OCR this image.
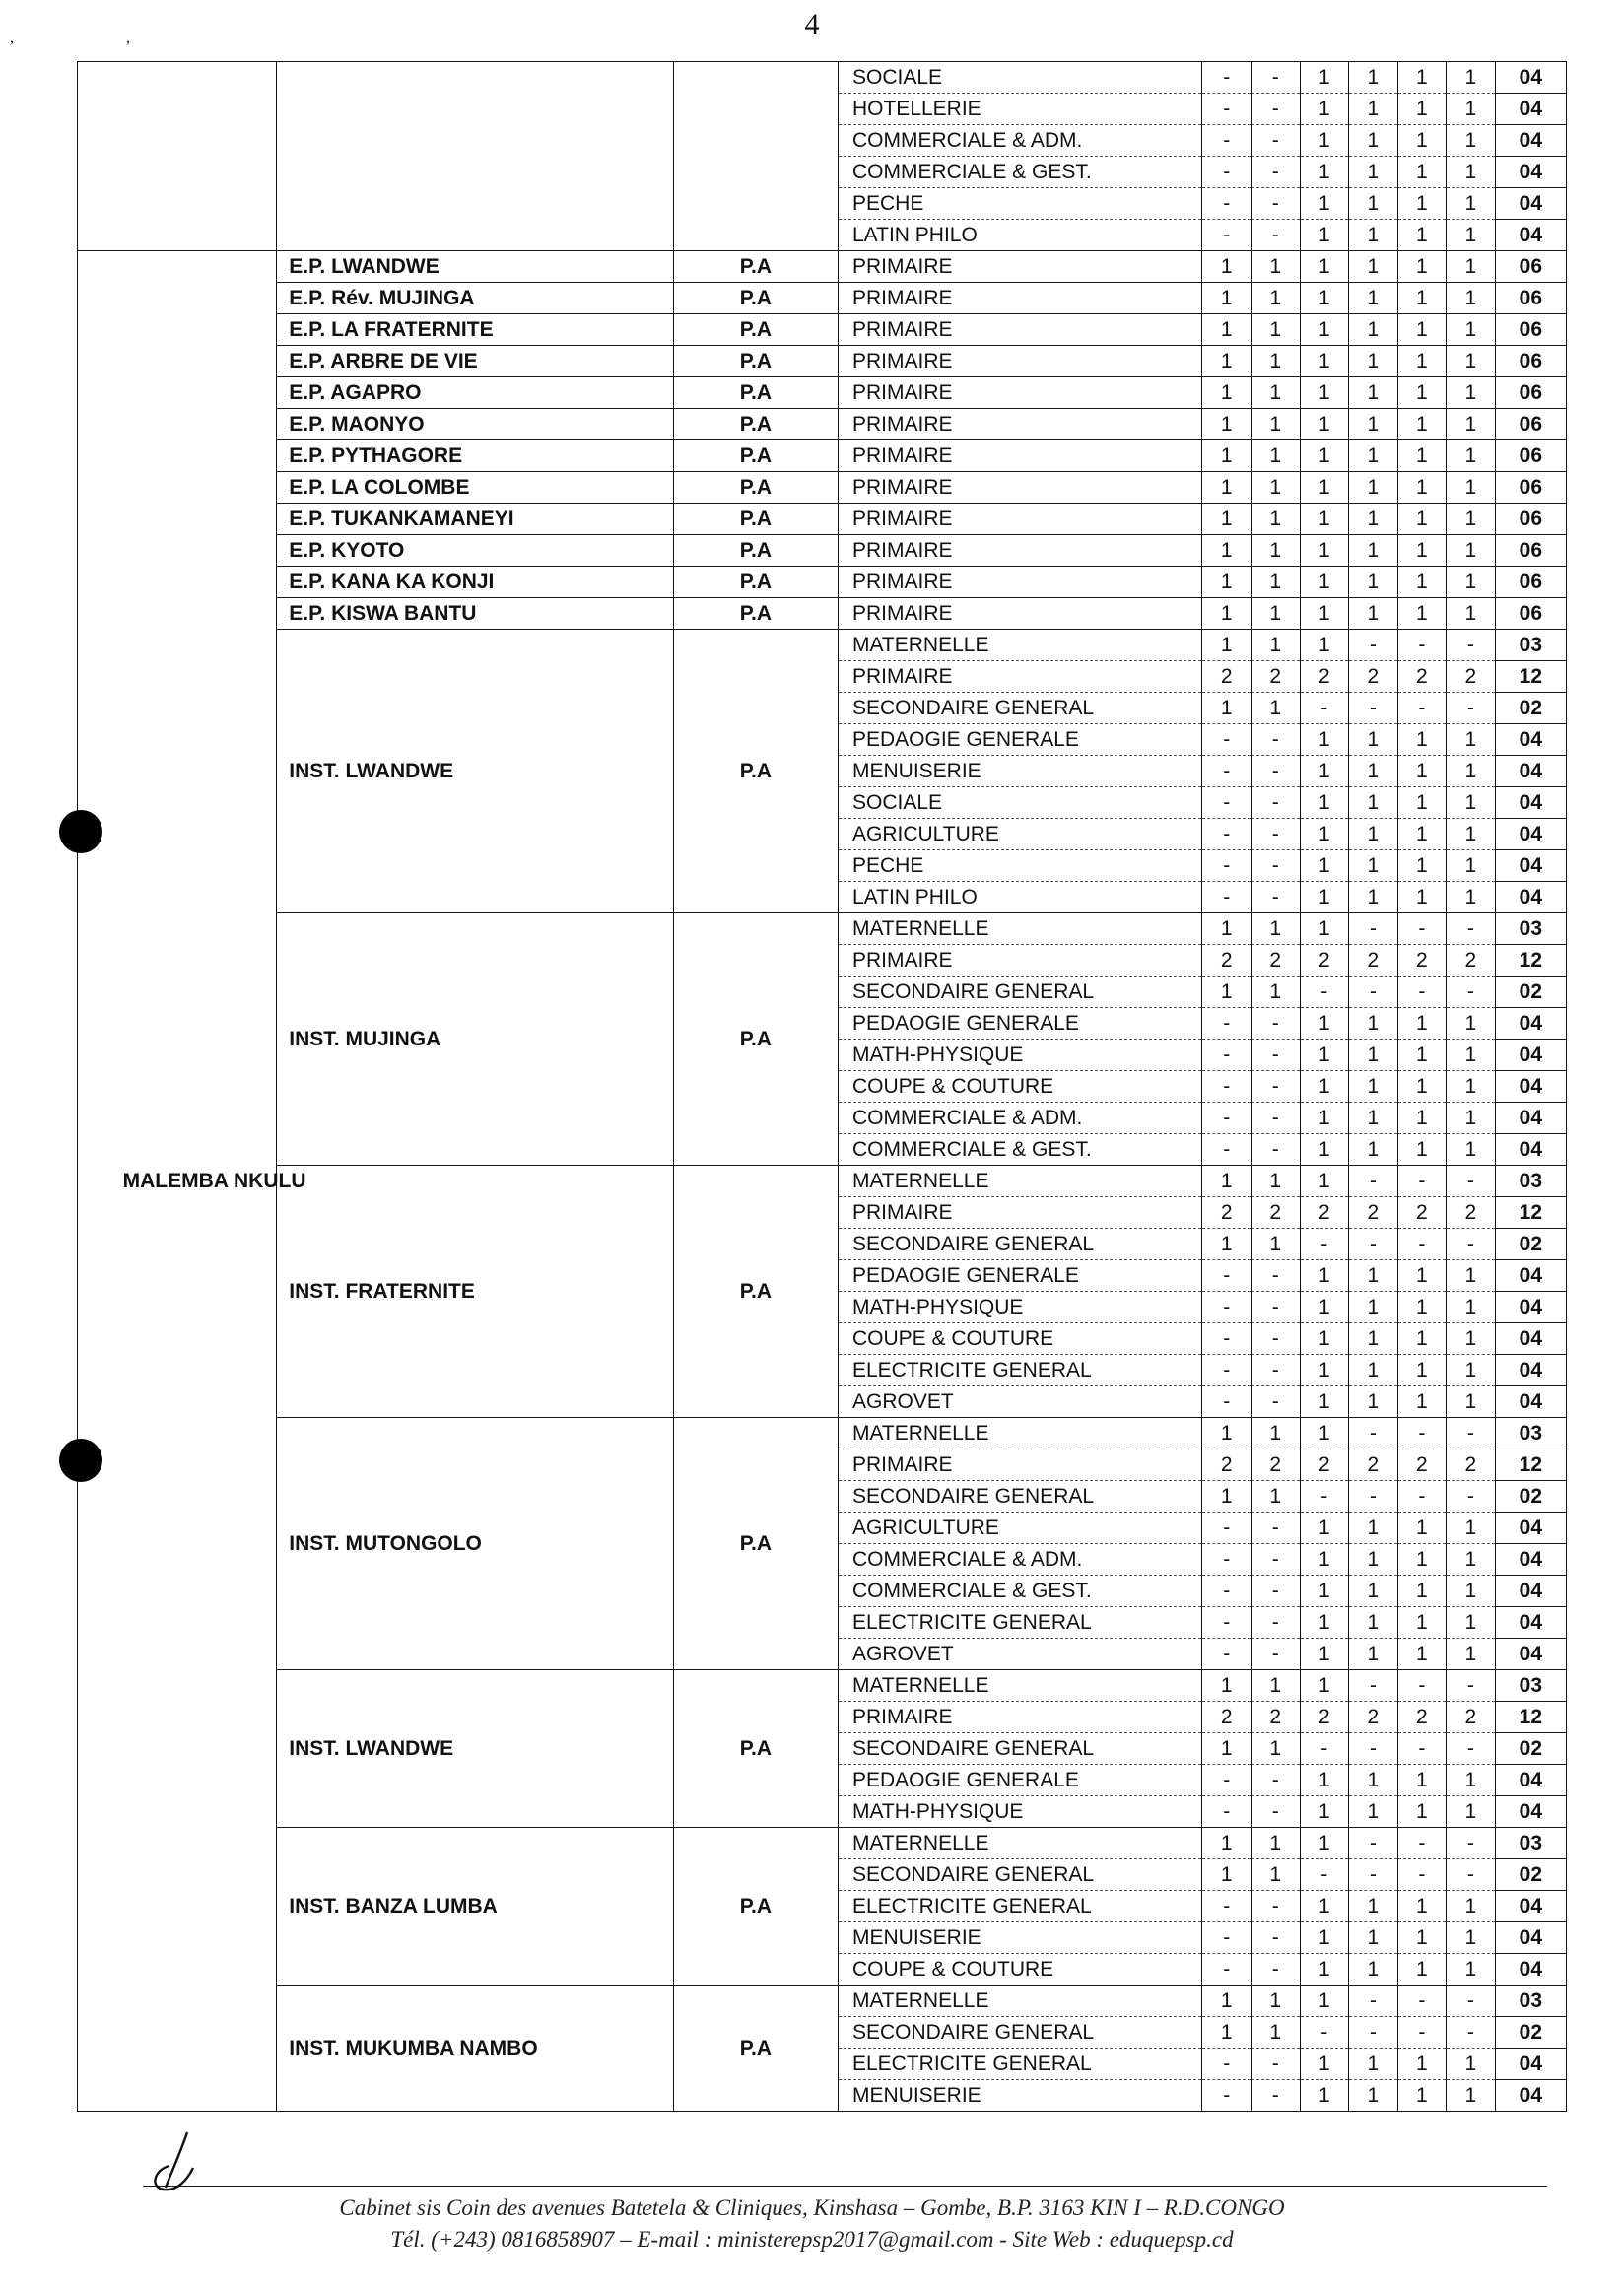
4
,	,
			SOCIALE	-	-	1	1	1	1	04
			HOTELLERIE	-	-	1	1	1	1	04
			COMMERCIALE & ADM.	-	-	1	1	1	1	04
			COMMERCIALE & GEST.	-	-	1	1	1	1	04
			PECHE	-	-	1	1	1	1	04
			LATIN PHILO	-	-	1	1	1	1	04
MALEMBA NKULU	E.P. LWANDWE	P.A	PRIMAIRE	1	1	1	1	1	1	06
	E.P. Rév. MUJINGA	P.A	PRIMAIRE	1	1	1	1	1	1	06
	E.P. LA FRATERNITE	P.A	PRIMAIRE	1	1	1	1	1	1	06
	E.P. ARBRE DE VIE	P.A	PRIMAIRE	1	1	1	1	1	1	06
	E.P. AGAPRO	P.A	PRIMAIRE	1	1	1	1	1	1	06
	E.P. MAONYO	P.A	PRIMAIRE	1	1	1	1	1	1	06
	E.P. PYTHAGORE	P.A	PRIMAIRE	1	1	1	1	1	1	06
	E.P. LA COLOMBE	P.A	PRIMAIRE	1	1	1	1	1	1	06
	E.P. TUKANKAMANEYI	P.A	PRIMAIRE	1	1	1	1	1	1	06
	E.P. KYOTO	P.A	PRIMAIRE	1	1	1	1	1	1	06
	E.P. KANA KA KONJI	P.A	PRIMAIRE	1	1	1	1	1	1	06
	E.P. KISWA BANTU	P.A	PRIMAIRE	1	1	1	1	1	1	06
	INST. LWANDWE	P.A	MATERNELLE	1	1	1	-	-	-	03
			PRIMAIRE	2	2	2	2	2	2	12
			SECONDAIRE GENERAL	1	1	-	-	-	-	02
			PEDAOGIE GENERALE	-	-	1	1	1	1	04
			MENUISERIE	-	-	1	1	1	1	04
			SOCIALE	-	-	1	1	1	1	04
			AGRICULTURE	-	-	1	1	1	1	04
			PECHE	-	-	1	1	1	1	04
			LATIN PHILO	-	-	1	1	1	1	04
	INST. MUJINGA	P.A	MATERNELLE	1	1	1	-	-	-	03
			PRIMAIRE	2	2	2	2	2	2	12
			SECONDAIRE GENERAL	1	1	-	-	-	-	02
			PEDAOGIE GENERALE	-	-	1	1	1	1	04
			MATH-PHYSIQUE	-	-	1	1	1	1	04
			COUPE & COUTURE	-	-	1	1	1	1	04
			COMMERCIALE & ADM.	-	-	1	1	1	1	04
			COMMERCIALE & GEST.	-	-	1	1	1	1	04
	INST. FRATERNITE	P.A	MATERNELLE	1	1	1	-	-	-	03
			PRIMAIRE	2	2	2	2	2	2	12
			SECONDAIRE GENERAL	1	1	-	-	-	-	02
			PEDAOGIE GENERALE	-	-	1	1	1	1	04
			MATH-PHYSIQUE	-	-	1	1	1	1	04
			COUPE & COUTURE	-	-	1	1	1	1	04
			ELECTRICITE GENERAL	-	-	1	1	1	1	04
			AGROVET	-	-	1	1	1	1	04
	INST. MUTONGOLO	P.A	MATERNELLE	1	1	1	-	-	-	03
			PRIMAIRE	2	2	2	2	2	2	12
			SECONDAIRE GENERAL	1	1	-	-	-	-	02
			AGRICULTURE	-	-	1	1	1	1	04
			COMMERCIALE & ADM.	-	-	1	1	1	1	04
			COMMERCIALE & GEST.	-	-	1	1	1	1	04
			ELECTRICITE GENERAL	-	-	1	1	1	1	04
			AGROVET	-	-	1	1	1	1	04
	INST. LWANDWE	P.A	MATERNELLE	1	1	1	-	-	-	03
			PRIMAIRE	2	2	2	2	2	2	12
			SECONDAIRE GENERAL	1	1	-	-	-	-	02
			PEDAOGIE GENERALE	-	-	1	1	1	1	04
			MATH-PHYSIQUE	-	-	1	1	1	1	04
	INST. BANZA LUMBA	P.A	MATERNELLE	1	1	1	-	-	-	03
			SECONDAIRE GENERAL	1	1	-	-	-	-	02
			ELECTRICITE GENERAL	-	-	1	1	1	1	04
			MENUISERIE	-	-	1	1	1	1	04
			COUPE & COUTURE	-	-	1	1	1	1	04
	INST. MUKUMBA NAMBO	P.A	MATERNELLE	1	1	1	-	-	-	03
			SECONDAIRE GENERAL	1	1	-	-	-	-	02
			ELECTRICITE GENERAL	-	-	1	1	1	1	04
			MENUISERIE	-	-	1	1	1	1	04
Cabinet sis Coin des avenues Batetela & Cliniques, Kinshasa – Gombe, B.P. 3163 KIN I – R.D.CONGO
Tél. (+243) 0816858907 – E-mail : ministerepsp2017@gmail.com - Site Web : eduquepsp.cd
